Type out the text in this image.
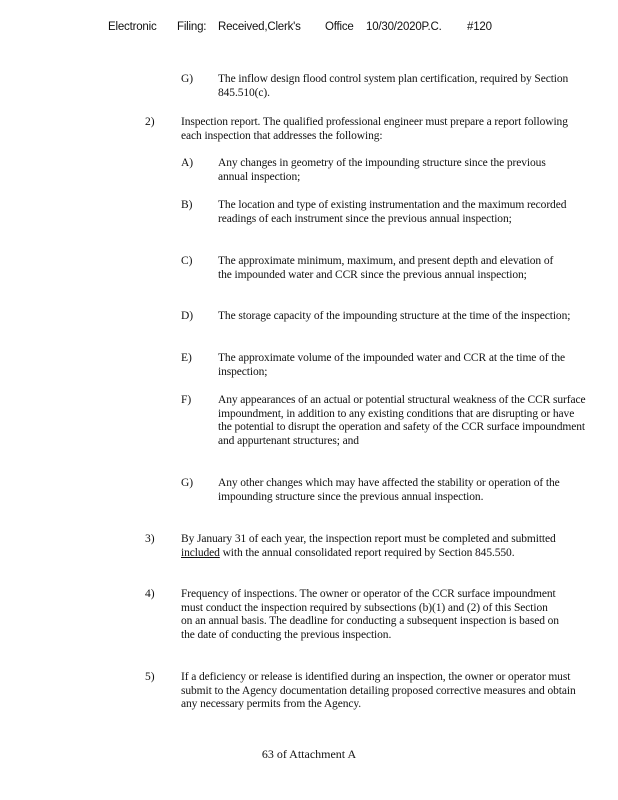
Electronic Filing: Received,Clerk's Office 10/30/2020P.C. #120
G) The inflow design flood control system plan certification, required by Section 845.510(c).
2) Inspection report. The qualified professional engineer must prepare a report following each inspection that addresses the following:
A) Any changes in geometry of the impounding structure since the previous annual inspection;
B) The location and type of existing instrumentation and the maximum recorded readings of each instrument since the previous annual inspection;
C) The approximate minimum, maximum, and present depth and elevation of the impounded water and CCR since the previous annual inspection;
D) The storage capacity of the impounding structure at the time of the inspection;
E) The approximate volume of the impounded water and CCR at the time of the inspection;
F) Any appearances of an actual or potential structural weakness of the CCR surface impoundment, in addition to any existing conditions that are disrupting or have the potential to disrupt the operation and safety of the CCR surface impoundment and appurtenant structures; and
G) Any other changes which may have affected the stability or operation of the impounding structure since the previous annual inspection.
3) By January 31 of each year, the inspection report must be completed and submitted included with the annual consolidated report required by Section 845.550.
4) Frequency of inspections. The owner or operator of the CCR surface impoundment must conduct the inspection required by subsections (b)(1) and (2) of this Section on an annual basis. The deadline for conducting a subsequent inspection is based on the date of conducting the previous inspection.
5) If a deficiency or release is identified during an inspection, the owner or operator must submit to the Agency documentation detailing proposed corrective measures and obtain any necessary permits from the Agency.
63 of Attachment A
